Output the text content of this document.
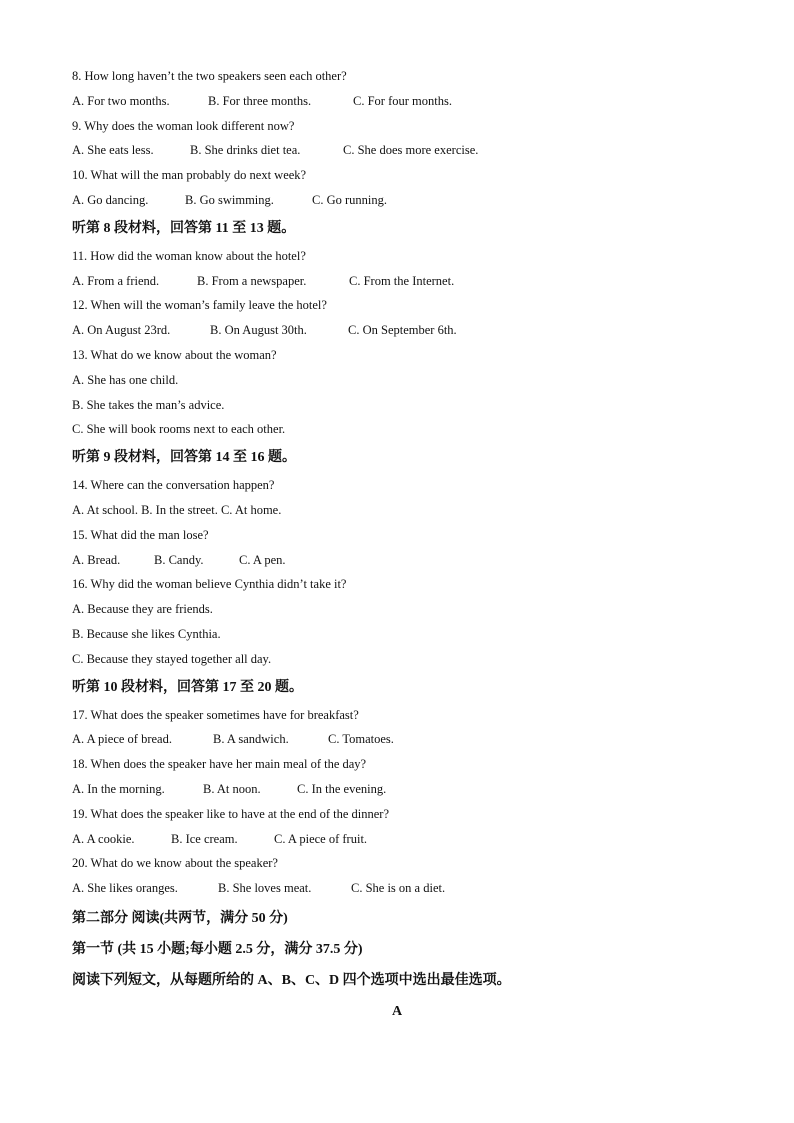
8. How long haven’t the two speakers seen each other?
A. For two months.	B. For three months.	C. For four months.
9. Why does the woman look different now?
A. She eats less.	B. She drinks diet tea.	C. She does more exercise.
10. What will the man probably do next week?
A. Go dancing.	B. Go swimming.	C. Go running.
听第 8 段材料，回答第 11 至 13 题。
11. How did the woman know about the hotel?
A. From a friend.	B. From a newspaper.	C. From the Internet.
12. When will the woman’s family leave the hotel?
A. On August 23rd.	B. On August 30th.	C. On September 6th.
13. What do we know about the woman?
A. She has one child.
B. She takes the man’s advice.
C. She will book rooms next to each other.
听第 9 段材料，回答第 14 至 16 题。
14. Where can the conversation happen?
A. At school. B. In the street. C. At home.
15. What did the man lose?
A. Bread.	B. Candy.	C. A pen.
16. Why did the woman believe Cynthia didn’t take it?
A. Because they are friends.
B. Because she likes Cynthia.
C. Because they stayed together all day.
听第 10 段材料，回答第 17 至 20 题。
17. What does the speaker sometimes have for breakfast?
A. A piece of bread.	B. A sandwich.	C. Tomatoes.
18. When does the speaker have her main meal of the day?
A. In the morning.	B. At noon.	C. In the evening.
19. What does the speaker like to have at the end of the dinner?
A. A cookie.	B. Ice cream.	C. A piece of fruit.
20. What do we know about the speaker?
A. She likes oranges.	B. She loves meat.	C. She is on a diet.
第二部分 阅读(共两节，满分 50 分)
第一节 (共 15 小题;每小题 2.5 分，满分 37.5 分)
阅读下列短文，从每题所给的 A、B、C、D 四个选项中选出最佳选项。
A
